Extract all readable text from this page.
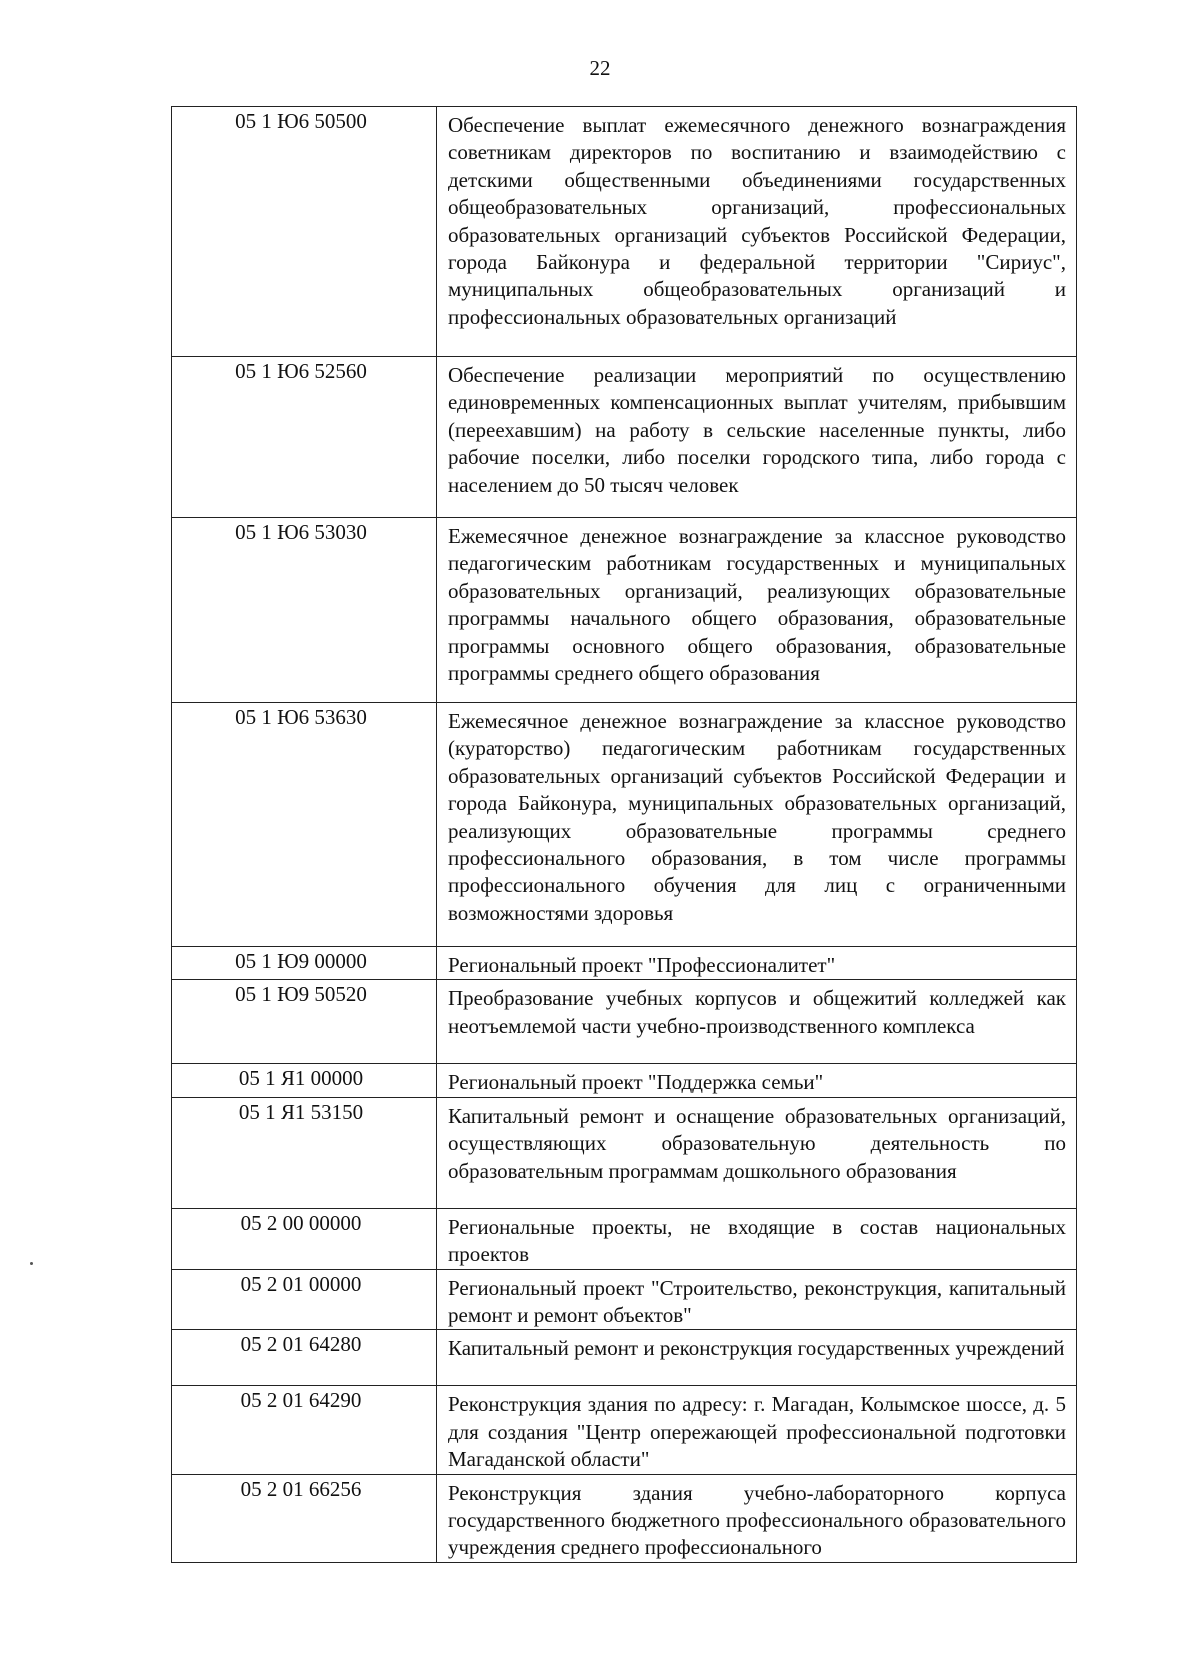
22
05 1 Ю6 50500	Обеспечение выплат ежемесячного денежного вознаграждения советникам директоров по воспитанию и взаимодействию с детскими общественными объединениями государственных общеобразовательных организаций, профессиональных образовательных организаций субъектов Российской Федерации, города Байконура и федеральной территории "Сириус", муниципальных общеобразовательных организаций и профессиональных образовательных организаций
05 1 Ю6 52560	Обеспечение реализации мероприятий по осуществлению единовременных компенсационных выплат учителям, прибывшим (переехавшим) на работу в сельские населенные пункты, либо рабочие поселки, либо поселки городского типа, либо города с населением до 50 тысяч человек
05 1 Ю6 53030	Ежемесячное денежное вознаграждение за классное руководство педагогическим работникам государственных и муниципальных образовательных организаций, реализующих образовательные программы начального общего образования, образовательные программы основного общего образования, образовательные программы среднего общего образования
05 1 Ю6 53630	Ежемесячное денежное вознаграждение за классное руководство (кураторство) педагогическим работникам государственных образовательных организаций субъектов Российской Федерации и города Байконура, муниципальных образовательных организаций, реализующих образовательные программы среднего профессионального образования, в том числе программы профессионального обучения для лиц с ограниченными возможностями здоровья
05 1 Ю9 00000	Региональный проект "Профессионалитет"
05 1 Ю9 50520	Преобразование учебных корпусов и общежитий колледжей как неотъемлемой части учебно-производственного комплекса
05 1 Я1 00000	Региональный проект "Поддержка семьи"
05 1 Я1 53150	Капитальный ремонт и оснащение образовательных организаций, осуществляющих образовательную деятельность по образовательным программам дошкольного образования
05 2 00 00000	Региональные проекты, не входящие в состав национальных проектов
05 2 01 00000	Региональный проект "Строительство, реконструкция, капитальный ремонт и ремонт объектов"
05 2 01 64280	Капитальный ремонт и реконструкция государственных учреждений
05 2 01 64290	Реконструкция здания по адресу: г. Магадан, Колымское шоссе, д. 5 для создания "Центр опережающей профессиональной подготовки Магаданской области"
05 2 01 66256	Реконструкция здания учебно-лабораторного корпуса государственного бюджетного профессионального образовательного учреждения среднего профессионального
